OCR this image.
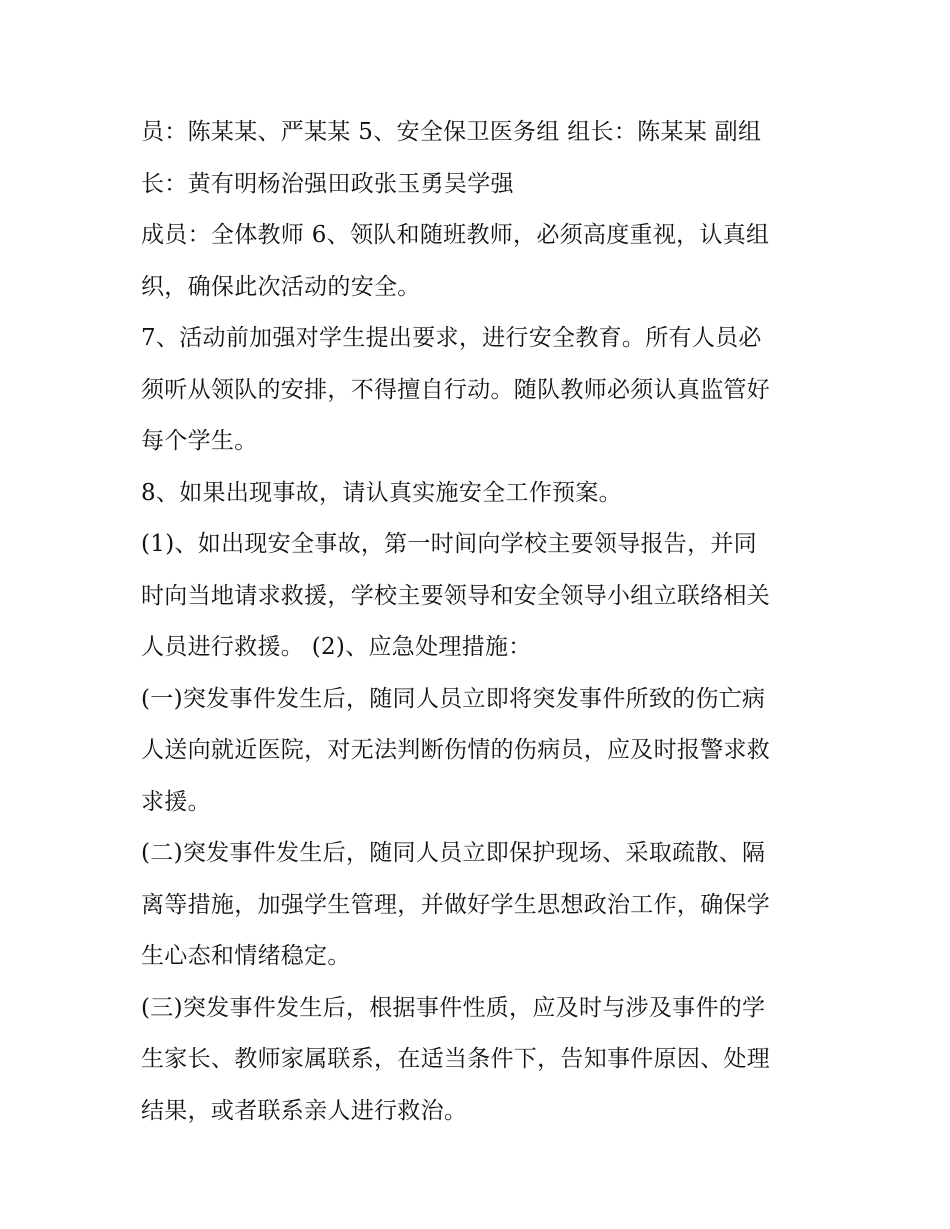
员：陈某某、严某某 5、安全保卫医务组 组长：陈某某 副组
长：黄有明杨治强田政张玉勇吴学强
成员：全体教师 6、领队和随班教师，必须高度重视，认真组
织，确保此次活动的安全。
7、活动前加强对学生提出要求，进行安全教育。所有人员必
须听从领队的安排，不得擅自行动。随队教师必须认真监管好
每个学生。
8、如果出现事故，请认真实施安全工作预案。
(1)、如出现安全事故，第一时间向学校主要领导报告，并同
时向当地请求救援，学校主要领导和安全领导小组立联络相关
人员进行救援。 (2)、应急处理措施：
(一)突发事件发生后，随同人员立即将突发事件所致的伤亡病
人送向就近医院，对无法判断伤情的伤病员，应及时报警求救
求援。
(二)突发事件发生后，随同人员立即保护现场、采取疏散、隔
离等措施，加强学生管理，并做好学生思想政治工作，确保学
生心态和情绪稳定。
(三)突发事件发生后，根据事件性质，应及时与涉及事件的学
生家长、教师家属联系，在适当条件下，告知事件原因、处理
结果，或者联系亲人进行救治。
